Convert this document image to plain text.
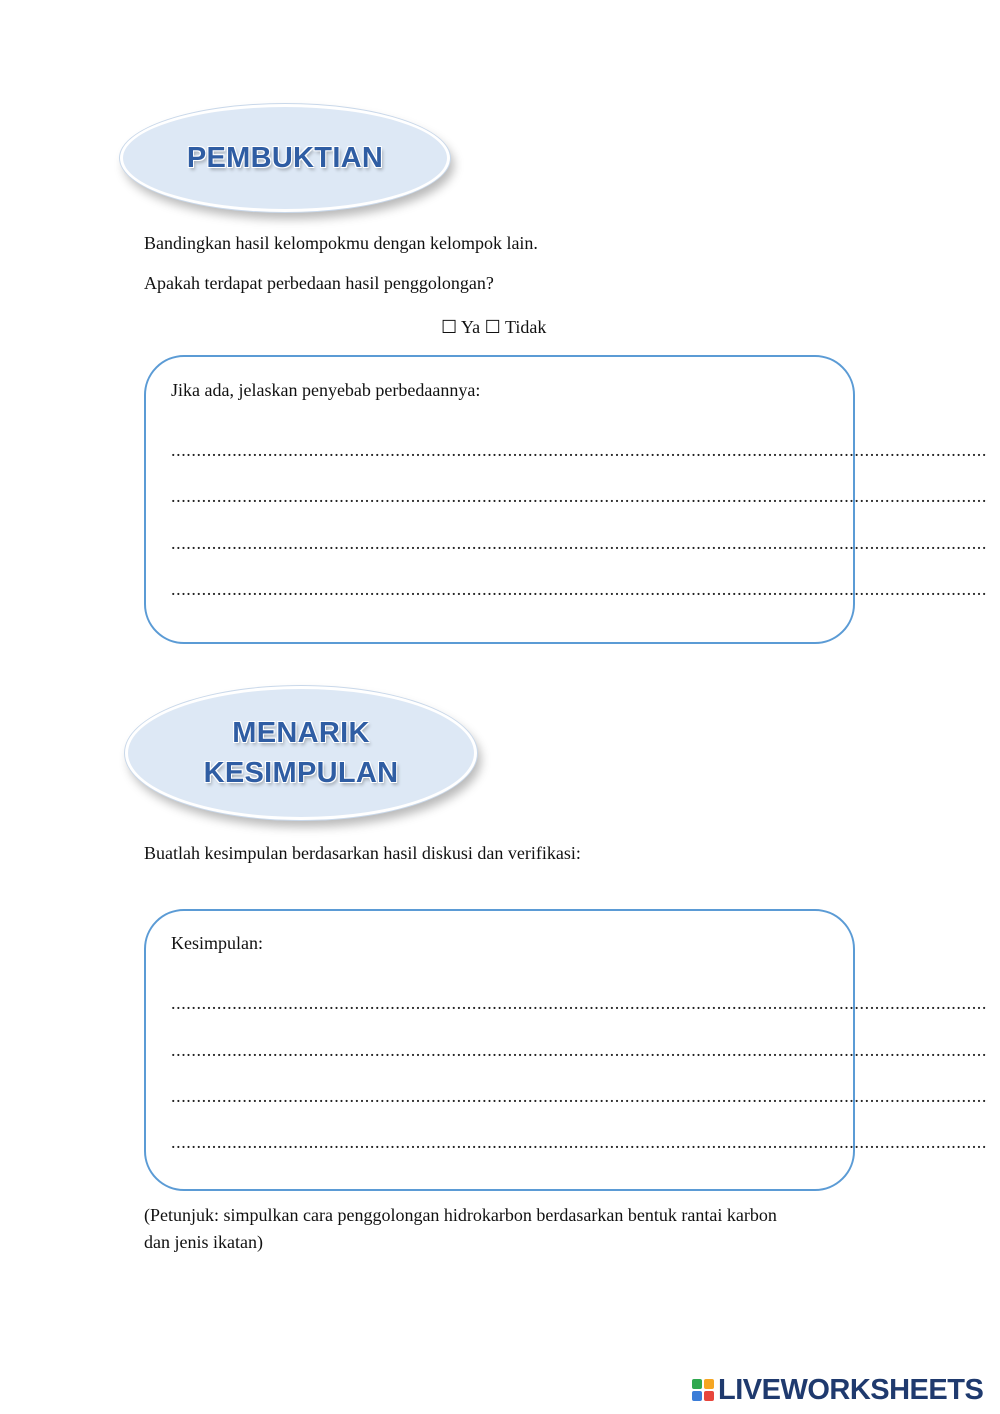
PEMBUKTIAN
Bandingkan hasil kelompokmu dengan kelompok lain.
Apakah terdapat perbedaan hasil penggolongan?
☐ Ya ☐ Tidak
Jika ada, jelaskan penyebab perbedaannya:
................................................................................................................................................................
................................................................................................................................................................
................................................................................................................................................................
................................................................................................................................................................
MENARIK
KESIMPULAN
Buatlah kesimpulan berdasarkan hasil diskusi dan verifikasi:
Kesimpulan:
................................................................................................................................................................
................................................................................................................................................................
................................................................................................................................................................
................................................................................................................................................................
(Petunjuk: simpulkan cara penggolongan hidrokarbon berdasarkan bentuk rantai karbon
dan jenis ikatan)
LIVEWORKSHEETS
